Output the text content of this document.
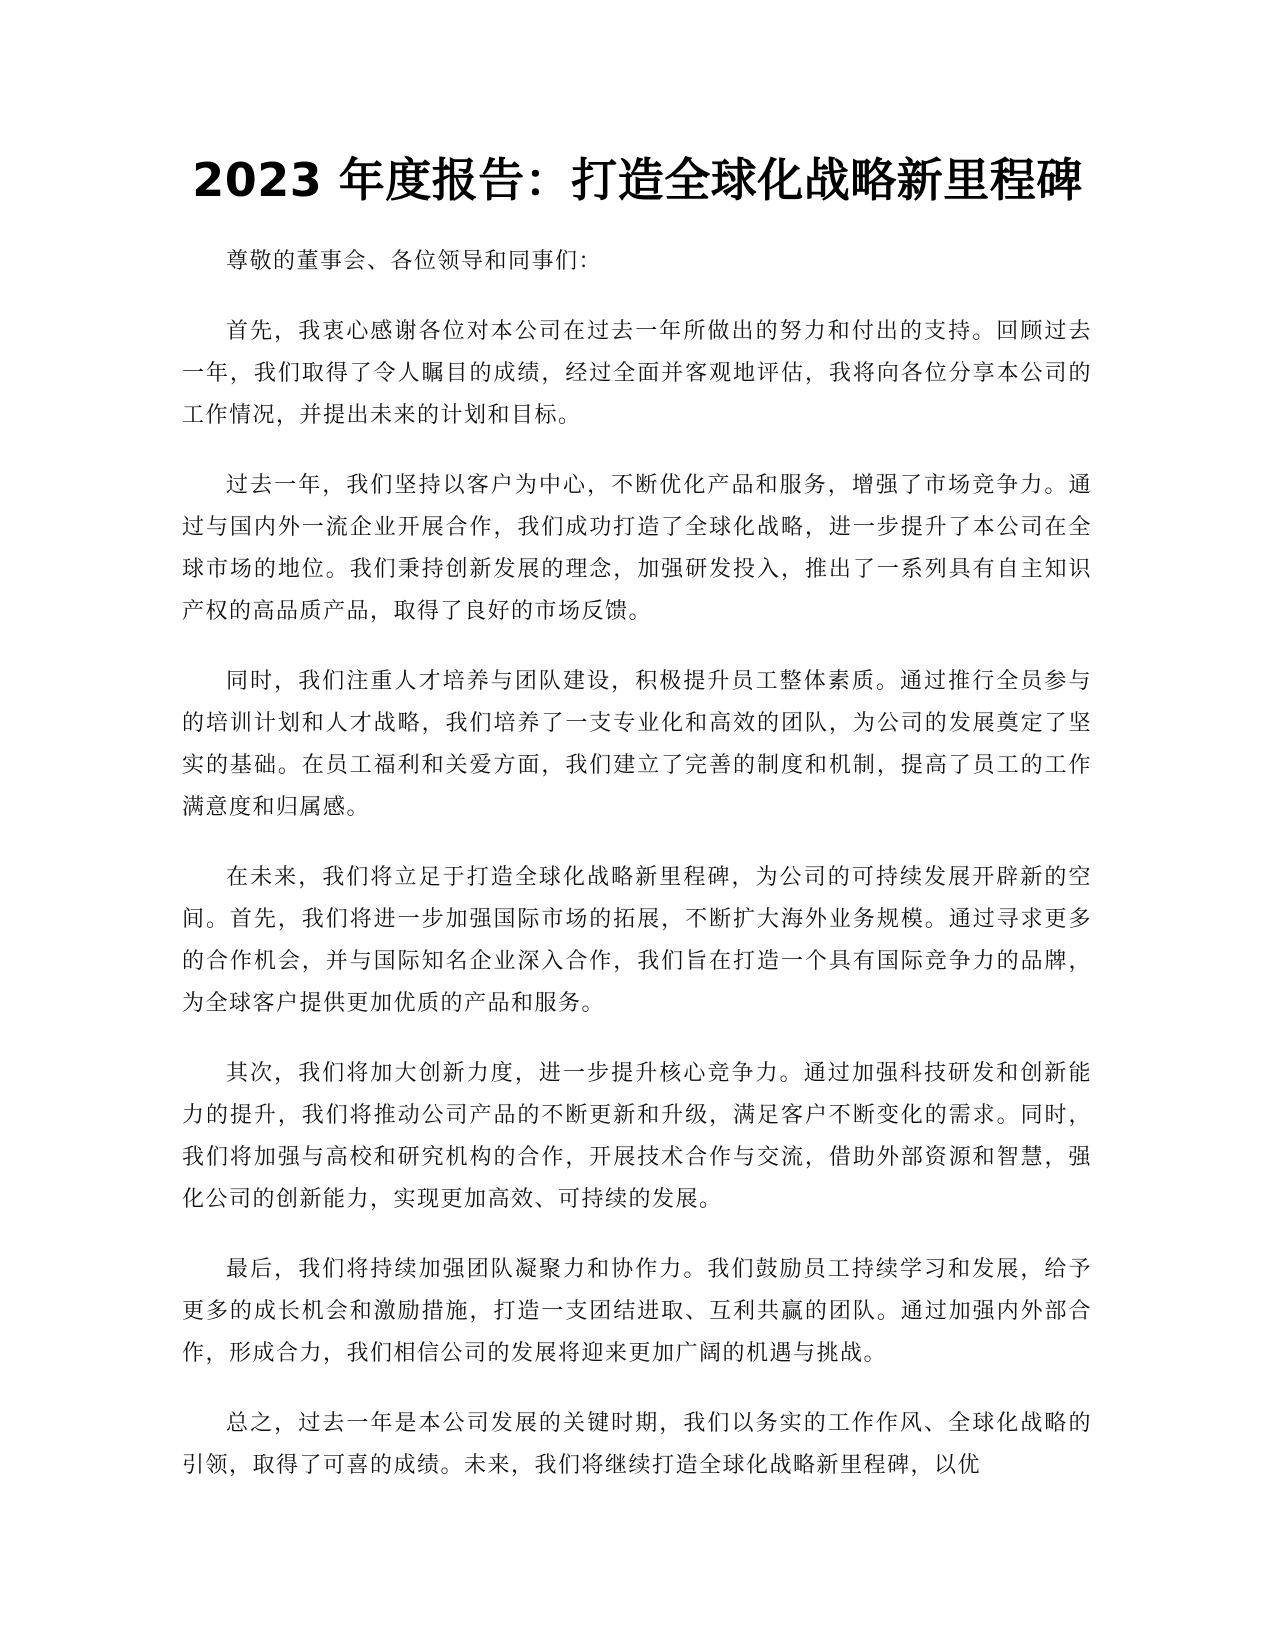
2023 年度报告：打造全球化战略新里程碑

尊敬的董事会、各位领导和同事们：

首先，我衷心感谢各位对本公司在过去一年所做出的努力和付出的支持。回顾过去一年，我们取得了令人瞩目的成绩，经过全面并客观地评估，我将向各位分享本公司的工作情况，并提出未来的计划和目标。

过去一年，我们坚持以客户为中心，不断优化产品和服务，增强了市场竞争力。通过与国内外一流企业开展合作，我们成功打造了全球化战略，进一步提升了本公司在全球市场的地位。我们秉持创新发展的理念，加强研发投入，推出了一系列具有自主知识产权的高品质产品，取得了良好的市场反馈。

同时，我们注重人才培养与团队建设，积极提升员工整体素质。通过推行全员参与的培训计划和人才战略，我们培养了一支专业化和高效的团队，为公司的发展奠定了坚实的基础。在员工福利和关爱方面，我们建立了完善的制度和机制，提高了员工的工作满意度和归属感。

在未来，我们将立足于打造全球化战略新里程碑，为公司的可持续发展开辟新的空间。首先，我们将进一步加强国际市场的拓展，不断扩大海外业务规模。通过寻求更多的合作机会，并与国际知名企业深入合作，我们旨在打造一个具有国际竞争力的品牌，为全球客户提供更加优质的产品和服务。

其次，我们将加大创新力度，进一步提升核心竞争力。通过加强科技研发和创新能力的提升，我们将推动公司产品的不断更新和升级，满足客户不断变化的需求。同时，我们将加强与高校和研究机构的合作，开展技术合作与交流，借助外部资源和智慧，强化公司的创新能力，实现更加高效、可持续的发展。

最后，我们将持续加强团队凝聚力和协作力。我们鼓励员工持续学习和发展，给予更多的成长机会和激励措施，打造一支团结进取、互利共赢的团队。通过加强内外部合作，形成合力，我们相信公司的发展将迎来更加广阔的机遇与挑战。

总之，过去一年是本公司发展的关键时期，我们以务实的工作作风、全球化战略的引领，取得了可喜的成绩。未来，我们将继续打造全球化战略新里程碑，以优
